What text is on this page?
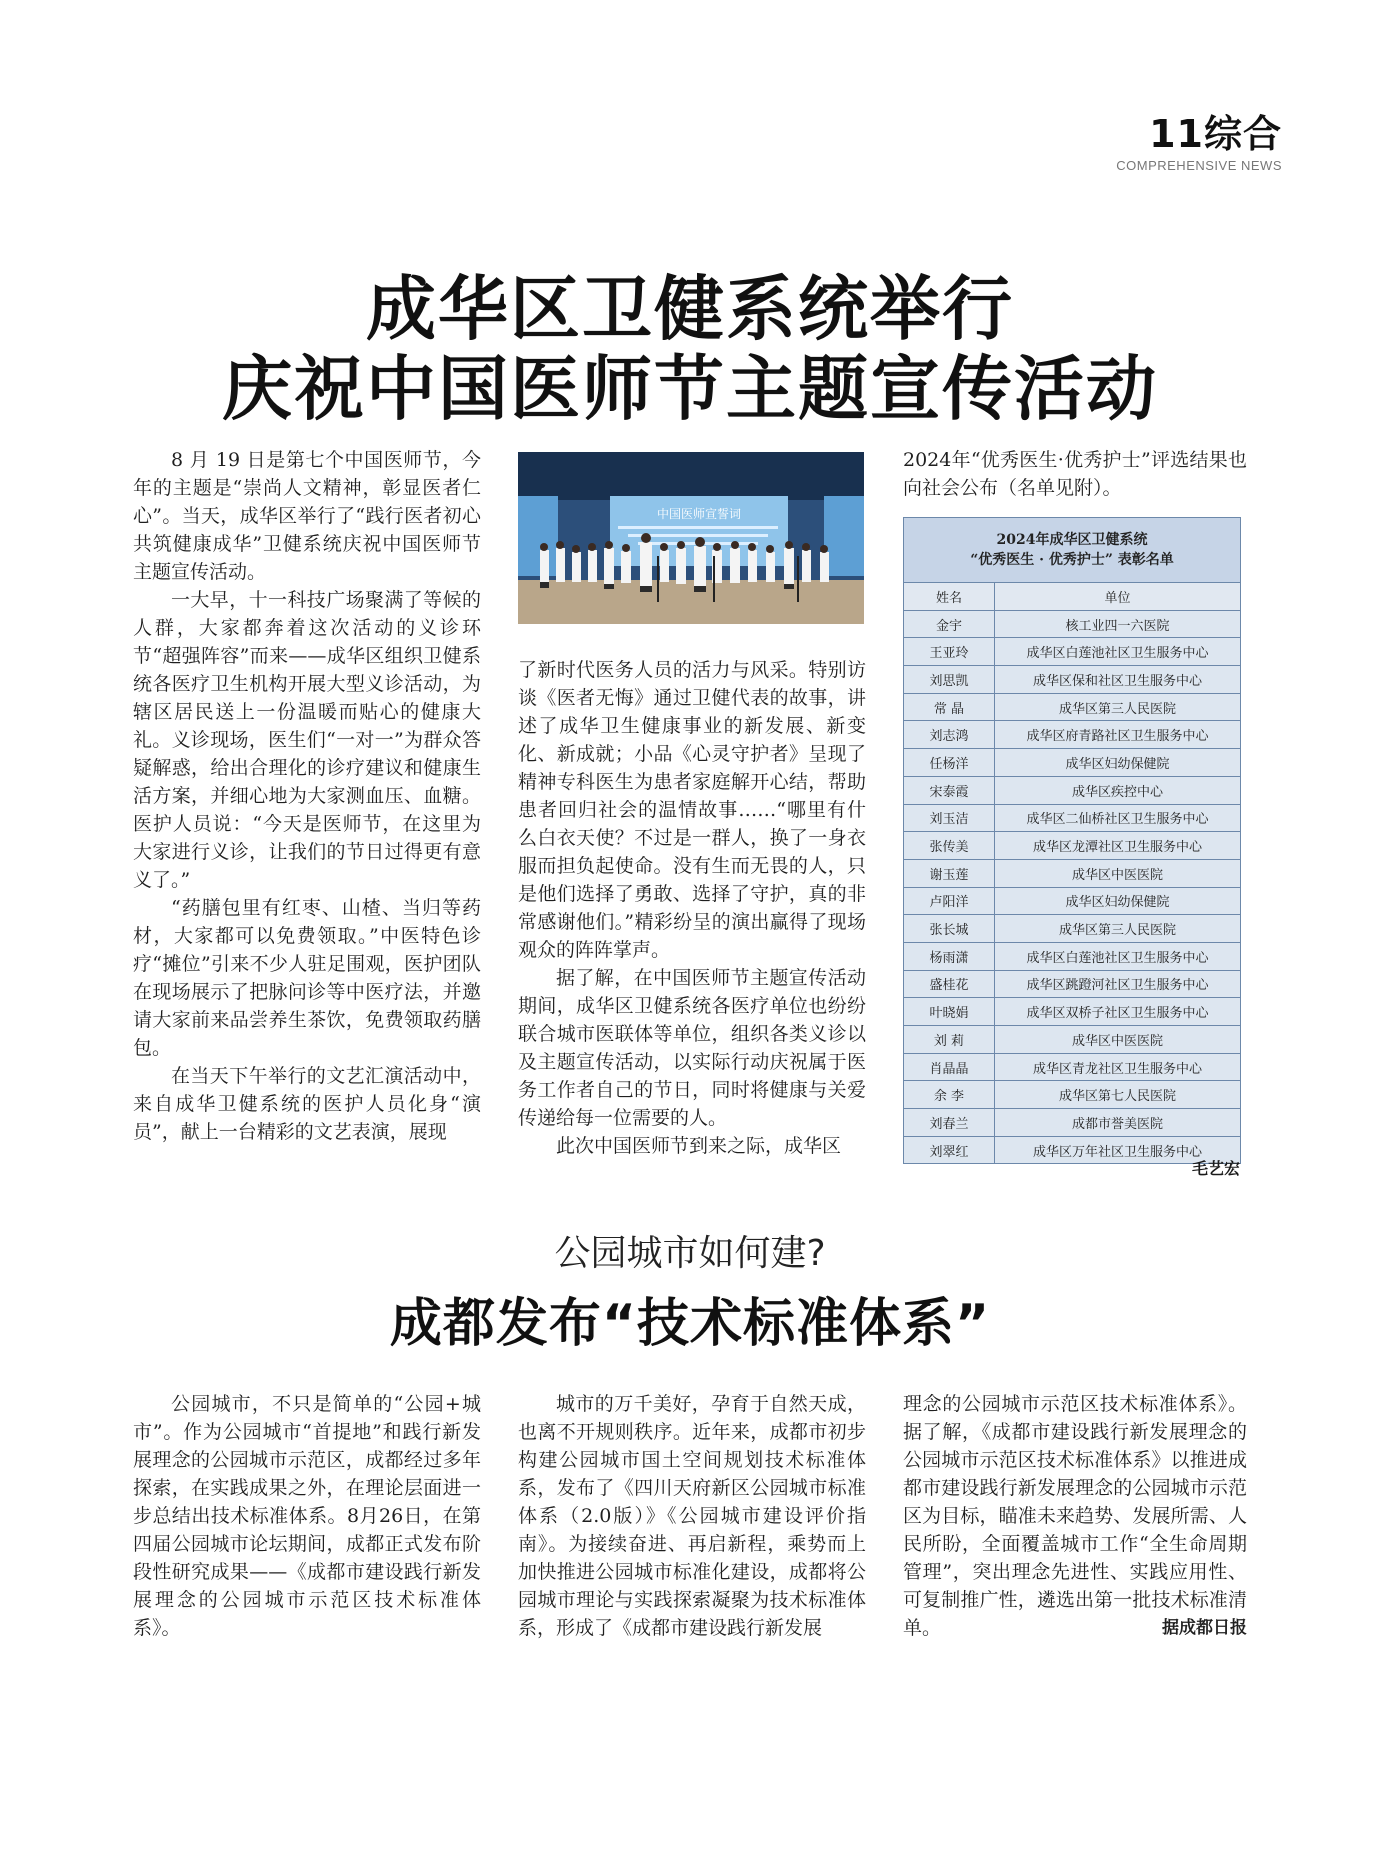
11综合
COMPREHENSIVE NEWS
成华区卫健系统举行
庆祝中国医师节主题宣传活动

8 月 19 日是第七个中国医师节，今年的主题是“崇尚人文精神，彰显医者仁心”。当天，成华区举行了“践行医者初心 共筑健康成华”卫健系统庆祝中国医师节主题宣传活动。

一大早，十一科技广场聚满了等候的人群，大家都奔着这次活动的义诊环节“超强阵容”而来——成华区组织卫健系统各医疗卫生机构开展大型义诊活动，为辖区居民送上一份温暖而贴心的健康大礼。义诊现场，医生们“一对一”为群众答疑解惑，给出合理化的诊疗建议和健康生活方案，并细心地为大家测血压、血糖。医护人员说：“今天是医师节，在这里为大家进行义诊，让我们的节日过得更有意义了。”

“药膳包里有红枣、山楂、当归等药材，大家都可以免费领取。”中医特色诊疗“摊位”引来不少人驻足围观，医护团队在现场展示了把脉问诊等中医疗法，并邀请大家前来品尝养生茶饮，免费领取药膳包。

在当天下午举行的文艺汇演活动中，来自成华卫健系统的医护人员化身“演员”，献上一台精彩的文艺表演，展现

中国医师宣誓词

了新时代医务人员的活力与风采。特别访谈《医者无悔》通过卫健代表的故事，讲述了成华卫生健康事业的新发展、新变化、新成就；小品《心灵守护者》呈现了精神专科医生为患者家庭解开心结，帮助患者回归社会的温情故事……“哪里有什么白衣天使？不过是一群人，换了一身衣服而担负起使命。没有生而无畏的人，只是他们选择了勇敢、选择了守护，真的非常感谢他们。”精彩纷呈的演出赢得了现场观众的阵阵掌声。

据了解，在中国医师节主题宣传活动期间，成华区卫健系统各医疗单位也纷纷联合城市医联体等单位，组织各类义诊以及主题宣传活动，以实际行动庆祝属于医务工作者自己的节日，同时将健康与关爱传递给每一位需要的人。

此次中国医师节到来之际，成华区

2024年“优秀医生·优秀护士”评选结果也向社会公布（名单见附）。

2024年成华区卫健系统
“优秀医生 · 优秀护士” 表彰名单	
姓名	单位
金宇	核工业四一六医院
王亚玲	成华区白莲池社区卫生服务中心
刘思凯	成华区保和社区卫生服务中心
常 晶	成华区第三人民医院
刘志鸿	成华区府青路社区卫生服务中心
任杨洋	成华区妇幼保健院
宋泰霞	成华区疾控中心
刘玉洁	成华区二仙桥社区卫生服务中心
张传美	成华区龙潭社区卫生服务中心
谢玉莲	成华区中医医院
卢阳洋	成华区妇幼保健院
张长城	成华区第三人民医院
杨雨潇	成华区白莲池社区卫生服务中心
盛桂花	成华区跳蹬河社区卫生服务中心
叶晓娟	成华区双桥子社区卫生服务中心
刘 莉	成华区中医医院
肖晶晶	成华区青龙社区卫生服务中心
余 李	成华区第七人民医院
刘春兰	成都市誉美医院
刘翠红	成华区万年社区卫生服务中心
毛艺宏
公园城市如何建?
成都发布“技术标准体系”

公园城市，不只是简单的“公园+城市”。作为公园城市“首提地”和践行新发展理念的公园城市示范区，成都经过多年探索，在实践成果之外，在理论层面进一步总结出技术标准体系。8月26日，在第四届公园城市论坛期间，成都正式发布阶段性研究成果——《成都市建设践行新发展理念的公园城市示范区技术标准体系》。

城市的万千美好，孕育于自然天成，也离不开规则秩序。近年来，成都市初步构建公园城市国土空间规划技术标准体系，发布了《四川天府新区公园城市标准体系（2.0版）》《公园城市建设评价指南》。为接续奋进、再启新程，乘势而上加快推进公园城市标准化建设，成都将公园城市理论与实践探索凝聚为技术标准体系，形成了《成都市建设践行新发展

理念的公园城市示范区技术标准体系》。据了解，《成都市建设践行新发展理念的公园城市示范区技术标准体系》以推进成都市建设践行新发展理念的公园城市示范区为目标，瞄准未来趋势、发展所需、人民所盼，全面覆盖城市工作“全生命周期管理”，突出理念先进性、实践应用性、可复制推广性，遴选出第一批技术标准清单。	据成都日报
